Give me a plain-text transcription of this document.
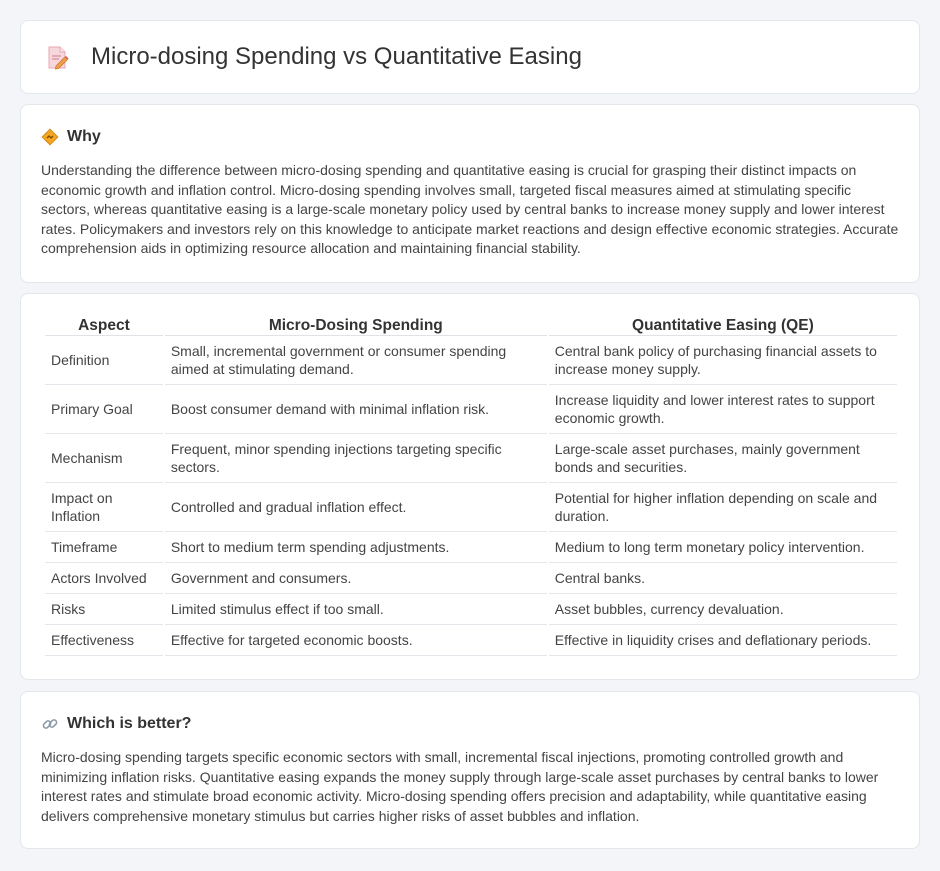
Micro-dosing Spending vs Quantitative Easing
Why

Understanding the difference between micro-dosing spending and quantitative easing is crucial for grasping their distinct impacts on economic growth and inflation control. Micro-dosing spending involves small, targeted fiscal measures aimed at stimulating specific sectors, whereas quantitative easing is a large-scale monetary policy used by central banks to increase money supply and lower interest rates. Policymakers and investors rely on this knowledge to anticipate market reactions and design effective economic strategies. Accurate comprehension aids in optimizing resource allocation and maintaining financial stability.

Aspect	Micro-Dosing Spending	Quantitative Easing (QE)
Definition	Small, incremental government or consumer spending aimed at stimulating demand.	Central bank policy of purchasing financial assets to increase money supply.
Primary Goal	Boost consumer demand with minimal inflation risk.	Increase liquidity and lower interest rates to support economic growth.
Mechanism	Frequent, minor spending injections targeting specific sectors.	Large-scale asset purchases, mainly government bonds and securities.
Impact on Inflation	Controlled and gradual inflation effect.	Potential for higher inflation depending on scale and duration.
Timeframe	Short to medium term spending adjustments.	Medium to long term monetary policy intervention.
Actors Involved	Government and consumers.	Central banks.
Risks	Limited stimulus effect if too small.	Asset bubbles, currency devaluation.
Effectiveness	Effective for targeted economic boosts.	Effective in liquidity crises and deflationary periods.
Which is better?

Micro-dosing spending targets specific economic sectors with small, incremental fiscal injections, promoting controlled growth and minimizing inflation risks. Quantitative easing expands the money supply through large-scale asset purchases by central banks to lower interest rates and stimulate broad economic activity. Micro-dosing spending offers precision and adaptability, while quantitative easing delivers comprehensive monetary stimulus but carries higher risks of asset bubbles and inflation.
